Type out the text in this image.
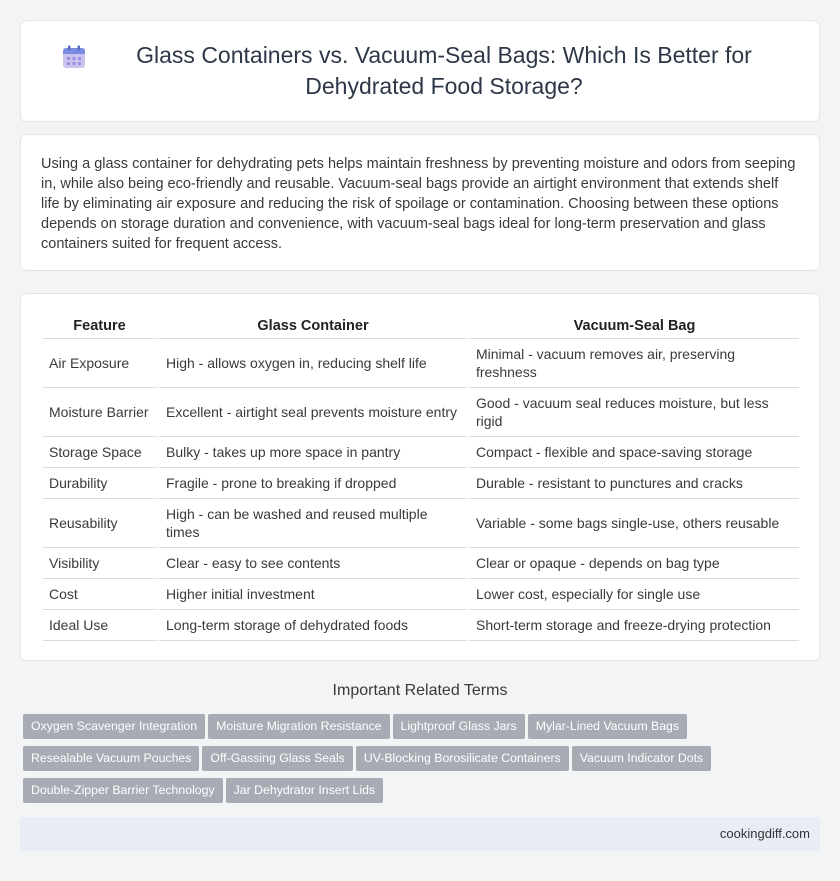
Glass Containers vs. Vacuum-Seal Bags: Which Is Better for Dehydrated Food Storage?

Using a glass container for dehydrating pets helps maintain freshness by preventing moisture and odors from seeping in, while also being eco-friendly and reusable. Vacuum-seal bags provide an airtight environment that extends shelf life by eliminating air exposure and reducing the risk of spoilage or contamination. Choosing between these options depends on storage duration and convenience, with vacuum-seal bags ideal for long-term preservation and glass containers suited for frequent access.

Feature	Glass Container	Vacuum-Seal Bag
Air Exposure	High - allows oxygen in, reducing shelf life	Minimal - vacuum removes air, preserving freshness
Moisture Barrier	Excellent - airtight seal prevents moisture entry	Good - vacuum seal reduces moisture, but less rigid
Storage Space	Bulky - takes up more space in pantry	Compact - flexible and space-saving storage
Durability	Fragile - prone to breaking if dropped	Durable - resistant to punctures and cracks
Reusability	High - can be washed and reused multiple times	Variable - some bags single-use, others reusable
Visibility	Clear - easy to see contents	Clear or opaque - depends on bag type
Cost	Higher initial investment	Lower cost, especially for single use
Ideal Use	Long-term storage of dehydrated foods	Short-term storage and freeze-drying protection
Important Related Terms
Oxygen Scavenger Integration Moisture Migration Resistance Lightproof Glass Jars Mylar-Lined Vacuum Bags
Resealable Vacuum Pouches Off-Gassing Glass Seals UV-Blocking Borosilicate Containers Vacuum Indicator Dots
Double-Zipper Barrier Technology Jar Dehydrator Insert Lids
cookingdiff.com
